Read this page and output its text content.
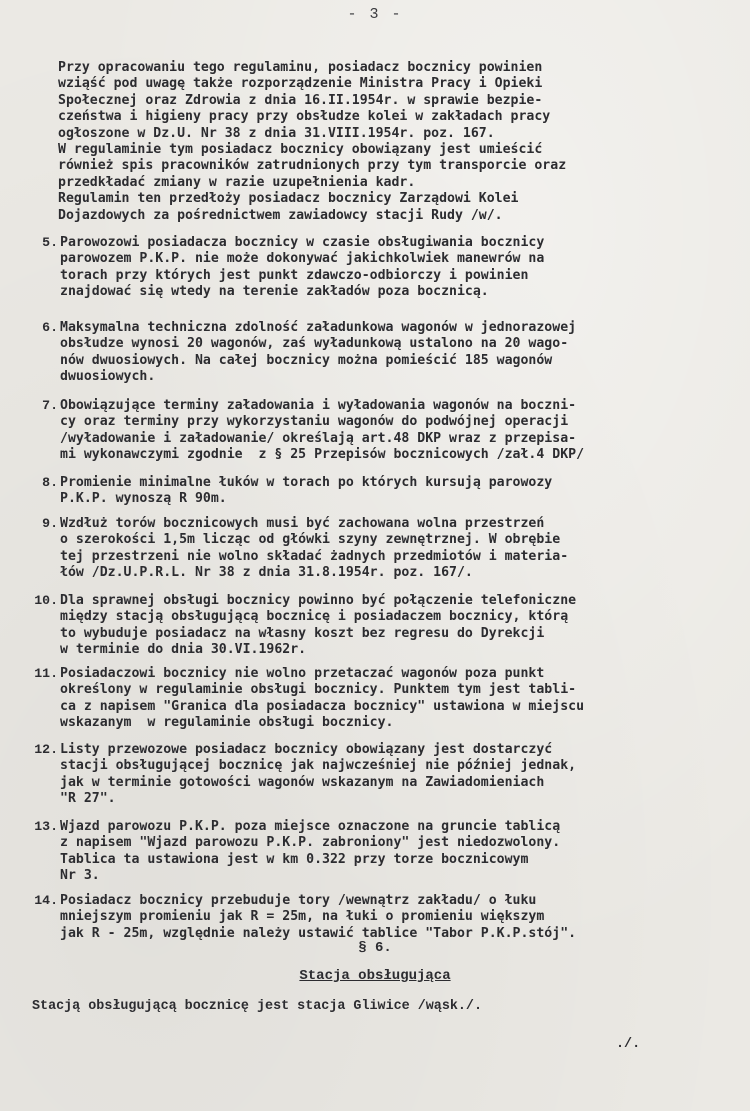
- 3 -
Przy opracowaniu tego regulaminu, posiadacz bocznicy powinien
wziąść pod uwagę także rozporządzenie Ministra Pracy i Opieki
Społecznej oraz Zdrowia z dnia 16.II.1954r. w sprawie bezpie-
czeństwa i higieny pracy przy obsłudze kolei w zakładach pracy
ogłoszone w Dz.U. Nr 38 z dnia 31.VIII.1954r. poz. 167.
W regulaminie tym posiadacz bocznicy obowiązany jest umieścić
również spis pracowników zatrudnionych przy tym transporcie oraz
przedkładać zmiany w razie uzupełnienia kadr.
Regulamin ten przedłoży posiadacz bocznicy Zarządowi Kolei
Dojazdowych za pośrednictwem zawiadowcy stacji Rudy /w/.
5. Parowozowi posiadacza bocznicy w czasie obsługiwania bocznicy
parowozem P.K.P. nie może dokonywać jakichkolwiek manewrów na
torach przy których jest punkt zdawczo-odbiorczy i powinien
znajdować się wtedy na terenie zakładów poza bocznicą.
6. Maksymalna techniczna zdolność załadunkowa wagonów w jednorazowej
obsłudze wynosi 20 wagonów, zaś wyładunkową ustalono na 20 wago-
nów dwuosiowych. Na całej bocznicy można pomieścić 185 wagonów
dwuosiowych.
7. Obowiązujące terminy załadowania i wyładowania wagonów na boczni-
cy oraz terminy przy wykorzystaniu wagonów do podwójnej operacji
/wyładowanie i załadowanie/ określają art.48 DKP wraz z przepisa-
mi wykonawczymi zgodnie  z § 25 Przepisów bocznicowych /zał.4 DKP/
8. Promienie minimalne łuków w torach po których kursują parowozy
P.K.P. wynoszą R 90m.
9. Wzdłuż torów bocznicowych musi być zachowana wolna przestrzeń
o szerokości 1,5m licząc od główki szyny zewnętrznej. W obrębie
tej przestrzeni nie wolno składać żadnych przedmiotów i materia-
łów /Dz.U.P.R.L. Nr 38 z dnia 31.8.1954r. poz. 167/.
10. Dla sprawnej obsługi bocznicy powinno być połączenie telefoniczne
między stacją obsługującą bocznicę i posiadaczem bocznicy, którą
to wybuduje posiadacz na własny koszt bez regresu do Dyrekcji
w terminie do dnia 30.VI.1962r.
11. Posiadaczowi bocznicy nie wolno przetaczać wagonów poza punkt
określony w regulaminie obsługi bocznicy. Punktem tym jest tabli-
ca z napisem "Granica dla posiadacza bocznicy" ustawiona w miejscu
wskazanym  w regulaminie obsługi bocznicy.
12. Listy przewozowe posiadacz bocznicy obowiązany jest dostarczyć
stacji obsługującej bocznicę jak najwcześniej nie później jednak,
jak w terminie gotowości wagonów wskazanym na Zawiadomieniach
"R 27".
13. Wjazd parowozu P.K.P. poza miejsce oznaczone na gruncie tablicą
z napisem "Wjazd parowozu P.K.P. zabroniony" jest niedozwolony.
Tablica ta ustawiona jest w km 0.322 przy torze bocznicowym
Nr 3.
14. Posiadacz bocznicy przebuduje tory /wewnątrz zakładu/ o łuku
mniejszym promieniu jak R = 25m, na łuki o promieniu większym
jak R - 25m, względnie należy ustawić tablice "Tabor P.K.P.stój".
§ 6.
Stacja obsługująca
Stacją obsługującą bocznicę jest stacja Gliwice /wąsk./.
./.
